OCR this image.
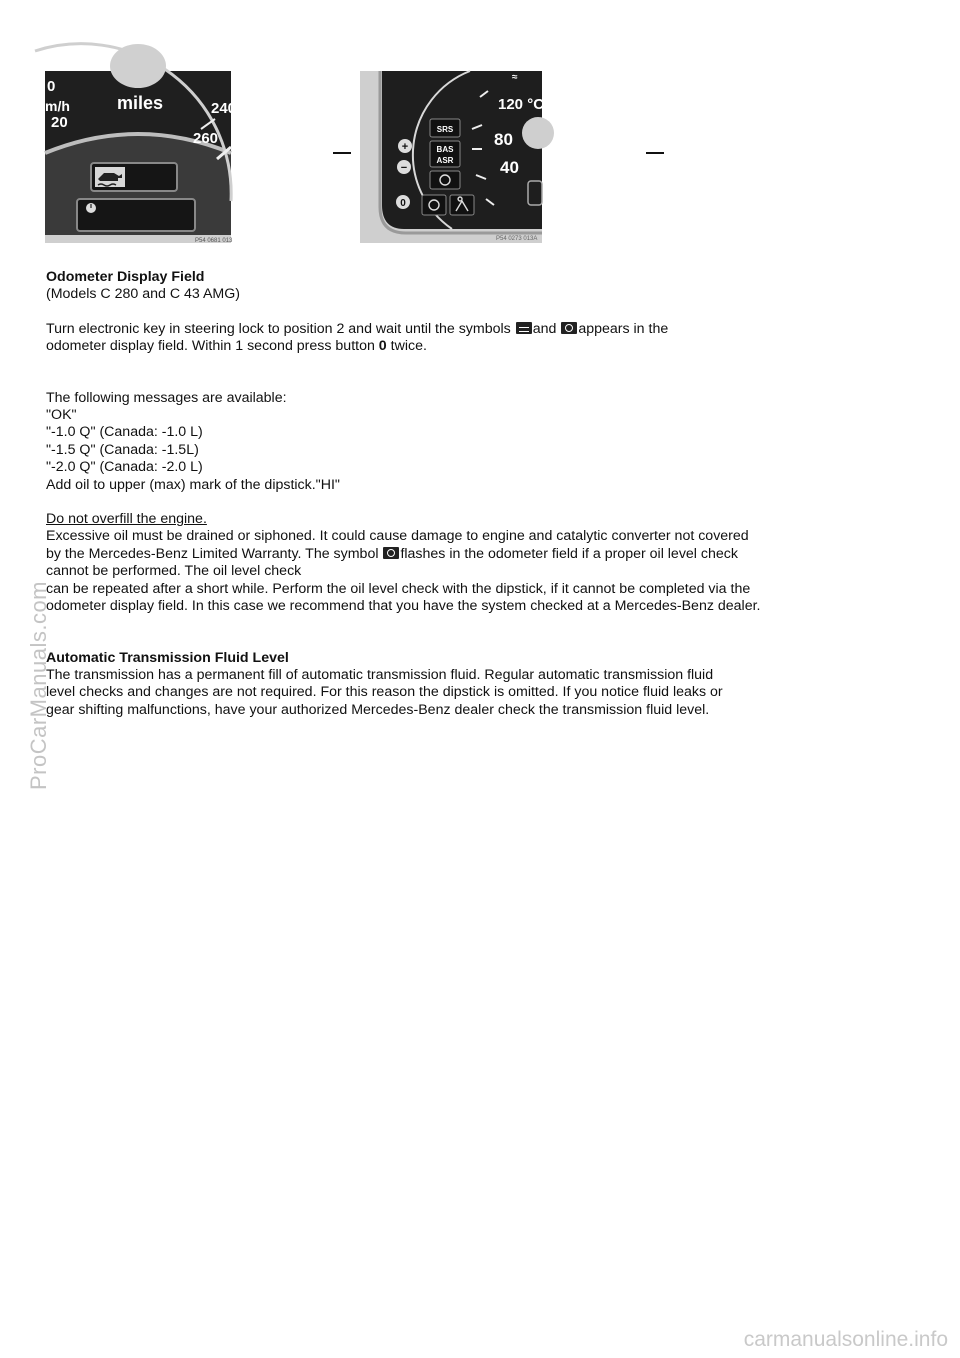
0
m/h
20
miles	240
260
P54 0681 013
≈
120 °C
80
40
+
−
0
SRS
BAS
ASR
P54 0273 013A

Odometer Display Field

(Models C 280 and C 43 AMG)

Turn electronic key in steering lock to position 2 and wait until the symbols and appears in the
odometer display field. Within 1 second press button 0 twice.

The following messages are available:

"OK"

"-1.0 Q" (Canada: -1.0 L)

"-1.5 Q" (Canada: -1.5L)

"-2.0 Q" (Canada: -2.0 L)

Add oil to upper (max) mark of the dipstick."HI"

Do not overfill the engine.

Excessive oil must be drained or siphoned. It could cause damage to engine and catalytic converter not covered

by the Mercedes-Benz Limited Warranty. The symbol flashes in the odometer field if a proper oil level check

cannot be performed. The oil level check

can be repeated after a short while. Perform the oil level check with the dipstick, if it cannot be completed via the

odometer display field. In this case we recommend that you have the system checked at a Mercedes-Benz dealer.

Automatic Transmission Fluid Level

The transmission has a permanent fill of automatic transmission fluid. Regular automatic transmission fluid

level checks and changes are not required. For this reason the dipstick is omitted. If you notice fluid leaks or

gear shifting malfunctions, have your authorized Mercedes-Benz dealer check the transmission fluid level.

ProCarManuals.com
carmanualsonline.info
